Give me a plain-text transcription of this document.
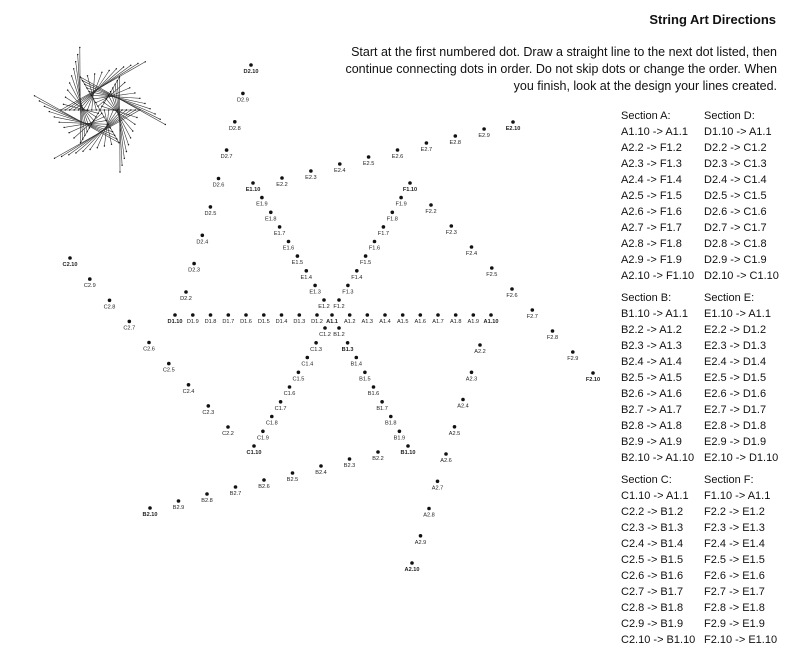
String Art Directions
Start at the first numbered dot. Draw a straight line to the next dot listed, then continue connecting dots in order. Do not skip dots or change the order. When you finish, look at the design your lines created.
A1.1 A1.2 A1.3 A1.4 A1.5 A1.6 A1.7 A1.8 A1.9 A1.10
D1.2
D1.3
D1.4
D1.5
D1.6
D1.7
D1.8
D1.9
D1.10
B1.2
B1.3
B1.4
B1.5
B1.6
B1.7
B1.8
B1.9
B1.10
C1.2
C1.3
C1.4
C1.5
C1.6
C1.7
C1.8
C1.9
C1.10
E1.2
E1.3
E1.4
E1.5
E1.6
E1.7
E1.8
E1.9
E1.10
F1.2
F1.3
F1.4
F1.5
F1.6
F1.7
F1.8
F1.9
F1.10
A2.2
A2.3
A2.4
A2.5
A2.6
A2.7
A2.8
A2.9
A2.10
B2.2
B2.3
B2.4
B2.5
B2.6
B2.7
B2.8
B2.9
B2.10
C2.2
C2.3
C2.4
C2.5
C2.6
C2.7
C2.8
C2.9
C2.10
D2.2
D2.3
D2.4
D2.5
D2.6
D2.7
D2.8
D2.9
D2.10
E2.2
E2.3
E2.4
E2.5
E2.6
E2.7
E2.8
E2.9
E2.10
F2.2
F2.3
F2.4
F2.5
F2.6
F2.7
F2.8
F2.9
F2.10
Section A:
A1.10 -> A1.1
A2.2 -> F1.2
A2.3 -> F1.3
A2.4 -> F1.4
A2.5 -> F1.5
A2.6 -> F1.6
A2.7 -> F1.7
A2.8 -> F1.8
A2.9 -> F1.9
A2.10 -> F1.10
Section D:
D1.10 -> A1.1
D2.2 -> C1.2
D2.3 -> C1.3
D2.4 -> C1.4
D2.5 -> C1.5
D2.6 -> C1.6
D2.7 -> C1.7
D2.8 -> C1.8
D2.9 -> C1.9
D2.10 -> C1.10
Section B:
B1.10 -> A1.1
B2.2 -> A1.2
B2.3 -> A1.3
B2.4 -> A1.4
B2.5 -> A1.5
B2.6 -> A1.6
B2.7 -> A1.7
B2.8 -> A1.8
B2.9 -> A1.9
B2.10 -> A1.10
Section E:
E1.10 -> A1.1
E2.2 -> D1.2
E2.3 -> D1.3
E2.4 -> D1.4
E2.5 -> D1.5
E2.6 -> D1.6
E2.7 -> D1.7
E2.8 -> D1.8
E2.9 -> D1.9
E2.10 -> D1.10
Section C:
C1.10 -> A1.1
C2.2 -> B1.2
C2.3 -> B1.3
C2.4 -> B1.4
C2.5 -> B1.5
C2.6 -> B1.6
C2.7 -> B1.7
C2.8 -> B1.8
C2.9 -> B1.9
C2.10 -> B1.10
Section F:
F1.10 -> A1.1
F2.2 -> E1.2
F2.3 -> E1.3
F2.4 -> E1.4
F2.5 -> E1.5
F2.6 -> E1.6
F2.7 -> E1.7
F2.8 -> E1.8
F2.9 -> E1.9
F2.10 -> E1.10
